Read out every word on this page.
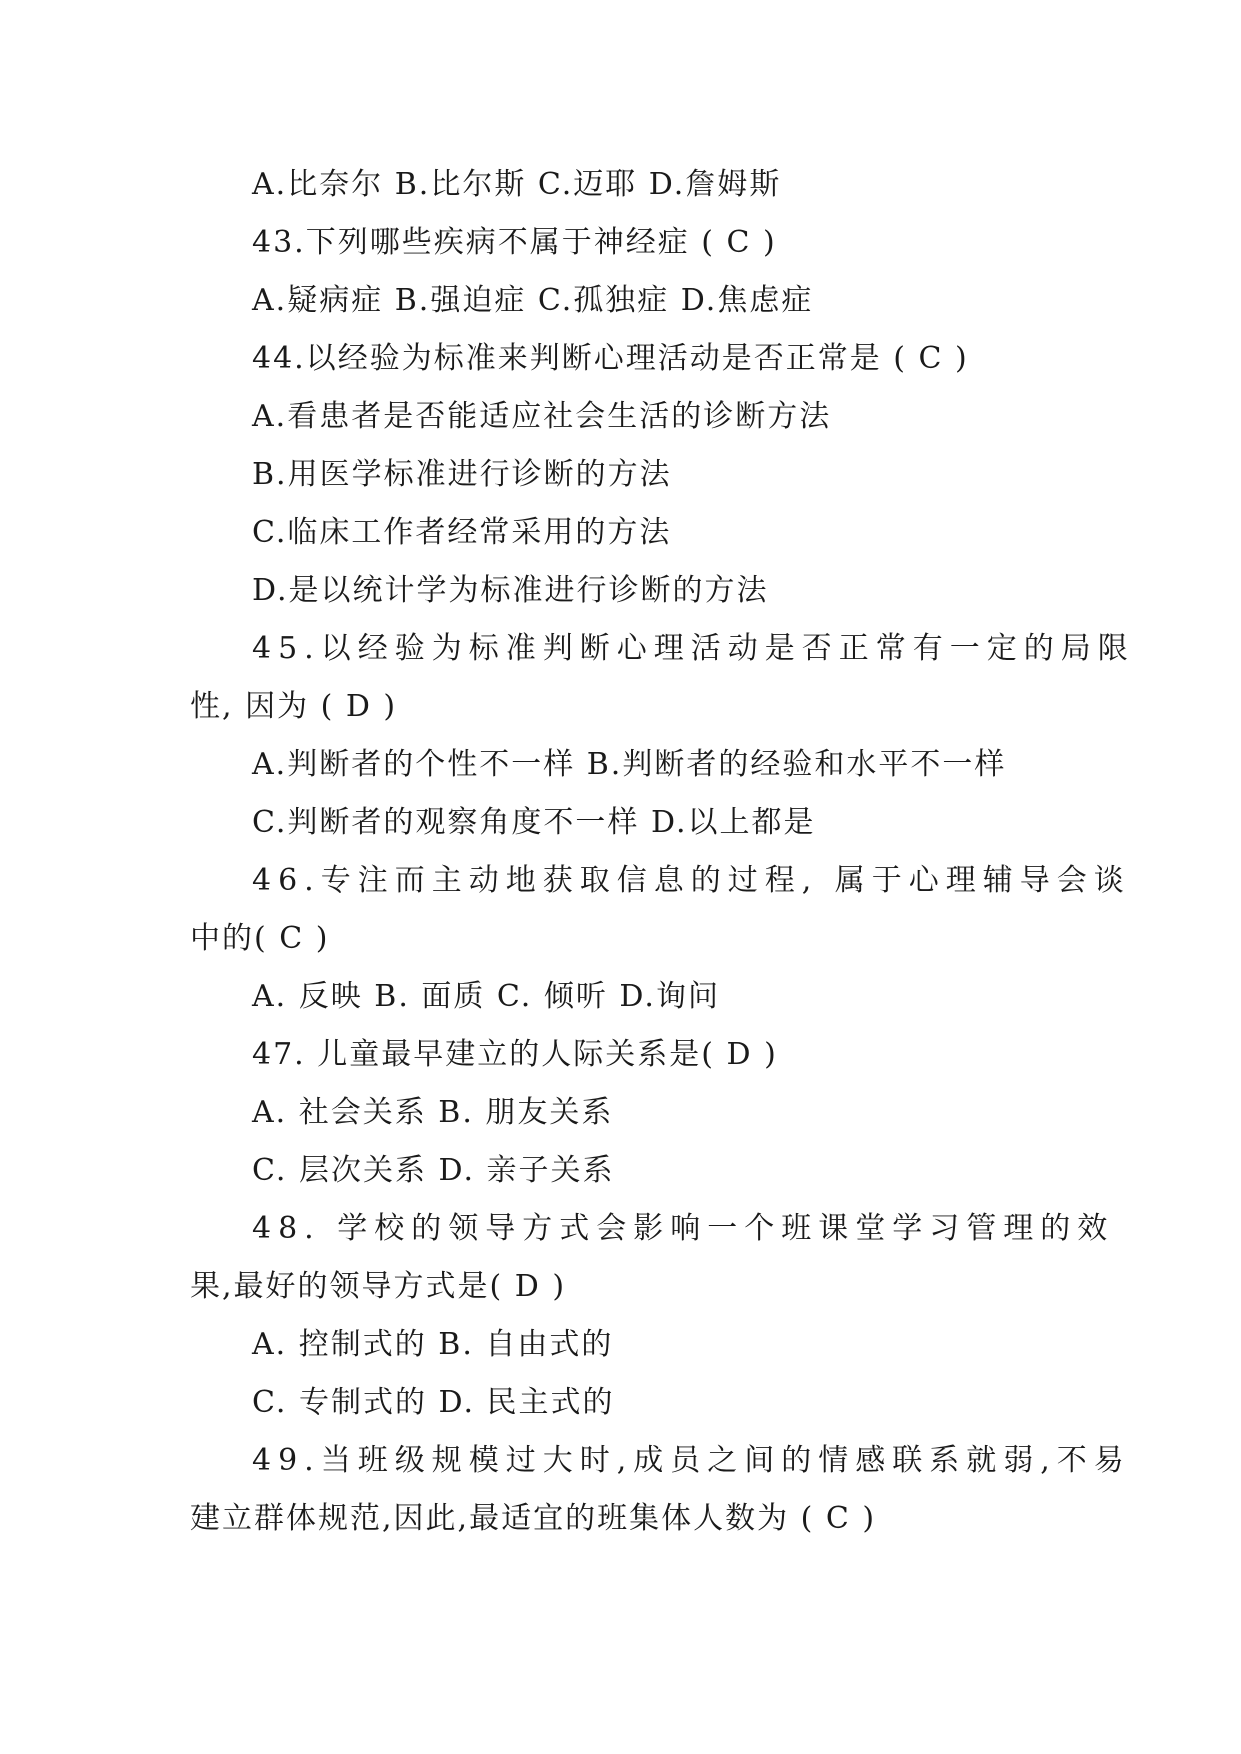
A.比奈尔 B.比尔斯 C.迈耶 D.詹姆斯
43.下列哪些疾病不属于神经症 ( C )
A.疑病症 B.强迫症 C.孤独症 D.焦虑症
44.以经验为标准来判断心理活动是否正常是 ( C )
A.看患者是否能适应社会生活的诊断方法
B.用医学标准进行诊断的方法
C.临床工作者经常采用的方法
D.是以统计学为标准进行诊断的方法
45.以经验为标准判断心理活动是否正常有一定的局限
性, 因为 ( D )
A.判断者的个性不一样 B.判断者的经验和水平不一样
C.判断者的观察角度不一样 D.以上都是
46.专注而主动地获取信息的过程, 属于心理辅导会谈
中的( C )
A. 反映 B. 面质 C. 倾听 D.询问
47. 儿童最早建立的人际关系是( D )
A. 社会关系 B. 朋友关系
C. 层次关系 D. 亲子关系
48. 学校的领导方式会影响一个班课堂学习管理的效
果,最好的领导方式是( D )
A. 控制式的 B. 自由式的
C. 专制式的 D. 民主式的
49.当班级规模过大时,成员之间的情感联系就弱,不易
建立群体规范,因此,最适宜的班集体人数为 ( C )
